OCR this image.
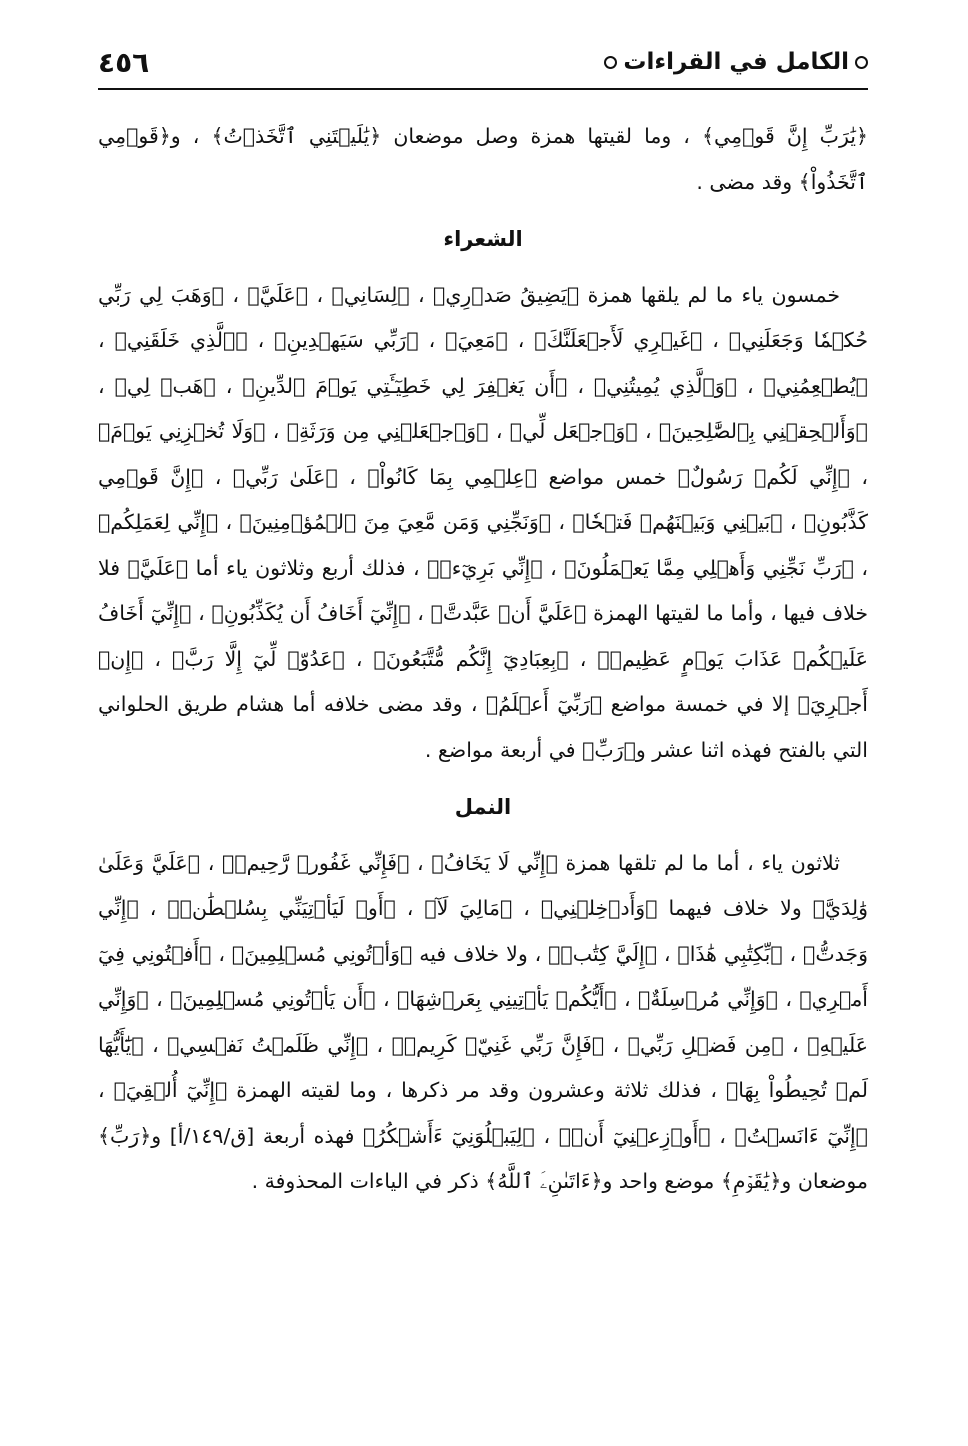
الكامل في القراءات
٤٥٦

﴿يَٰرَبِّ إِنَّ قَوۡمِي﴾ ، وما لقيتها همزة وصل موضعان ﴿يَٰلَيۡتَنِي ٱتَّخَذۡتُ﴾ ، و﴿قَوۡمِي ٱتَّخَذُواْ﴾ وقد مضى .

الشعراء

خمسون ياء ما لم يلقها همزة ﴿يَضِيقُ صَدۡرِي﴾ ، ﴿لِسَانِي﴾ ، ﴿عَلَيَّ﴾ ، ﴿وَهَبَ لِي رَبِّي حُكۡمٗا وَجَعَلَنِي﴾ ، ﴿غَيۡرِي لَأَجۡعَلَنَّكَ﴾ ، ﴿مَعِيَ﴾ ، ﴿رَبِّي سَيَهۡدِينِ﴾ ، ﴿ٱلَّذِي خَلَقَنِي﴾ ، ﴿يُطۡعِمُنِي﴾ ، ﴿وَٱلَّذِي يُمِيتُنِي﴾ ، ﴿أَن يَغۡفِرَ لِي خَطِيٓـَٔتِي يَوۡمَ ٱلدِّينِ﴾ ، ﴿هَبۡ لِي﴾ ، ﴿وَأَلۡحِقۡنِي بِٱلصَّٰلِحِينَ﴾ ، ﴿وَٱجۡعَل لِّي﴾ ، ﴿وَٱجۡعَلۡنِي مِن وَرَثَةِ﴾ ، ﴿وَلَا تُخۡزِنِي يَوۡمَ﴾ ، ﴿إِنِّي لَكُمۡ رَسُولٌ﴾ خمس مواضع ﴿عِلۡمِي بِمَا كَانُواْ﴾ ، ﴿عَلَىٰ رَبِّي﴾ ، ﴿إِنَّ قَوۡمِي كَذَّبُونِ﴾ ، ﴿بَيۡنِي وَبَيۡنَهُمۡ فَتۡحٗا﴾ ، ﴿وَنَجِّنِي وَمَن مَّعِيَ مِنَ ٱلۡمُؤۡمِنِينَ﴾ ، ﴿إِنِّي لِعَمَلِكُم﴾ ، ﴿رَبِّ نَجِّنِي وَأَهۡلِي مِمَّا يَعۡمَلُونَ﴾ ، ﴿إِنِّي بَرِيٓءٞ﴾ ، فذلك أربع وثلاثون ياء أما ﴿عَلَيَّ﴾ فلا خلاف فيها ، وأما ما لقيتها الهمزة ﴿عَلَيَّ أَنۡ عَبَّدتَّ﴾ ، ﴿إِنِّيٓ أَخَافُ أَن يُكَذِّبُونِ﴾ ، ﴿إِنِّيٓ أَخَافُ عَلَيۡكُمۡ عَذَابَ يَوۡمٍ عَظِيمٖ﴾ ، ﴿بِعِبَادِيٓ إِنَّكُم مُّتَّبَعُونَ﴾ ، ﴿عَدُوّٞ لِّيٓ إِلَّا رَبَّ﴾ ، ﴿إِنۡ أَجۡرِيَ﴾ إلا في خمسة مواضع ﴿رَبِّيٓ أَعۡلَمُ﴾ ، وقد مضى خلافه أما هشام طريق الحلواني التي بالفتح فهذه اثنا عشر و﴿رَبِّ﴾ في أربعة مواضع .

النمل

ثلاثون ياء ، أما ما لم تلقها همزة ﴿إِنِّي لَا يَخَافُ﴾ ، ﴿فَإِنِّي غَفُورٞ رَّحِيمٞ﴾ ، ﴿عَلَيَّ وَعَلَىٰ وَٰلِدَيَّ﴾ ولا خلاف فيهما ﴿وَأَدۡخِلۡنِي﴾ ، ﴿مَالِيَ لَآ﴾ ، ﴿أَوۡ لَيَأۡتِيَنِّي بِسُلۡطَٰنٖ﴾ ، ﴿إِنِّي وَجَدتُّ﴾ ، ﴿بِّكِتَٰبِي هَٰذَا﴾ ، ﴿إِلَيَّ كِتَٰبٞ﴾ ، ولا خلاف فيه ﴿وَأۡتُونِي مُسۡلِمِينَ﴾ ، ﴿أَفۡتُونِي فِيٓ أَمۡرِي﴾ ، ﴿وَإِنِّي مُرۡسِلَةٌ﴾ ، ﴿أَيُّكُمۡ يَأۡتِينِي بِعَرۡشِهَا﴾ ، ﴿أَن يَأۡتُونِي مُسۡلِمِينَ﴾ ، ﴿وَإِنِّي عَلَيۡهِ﴾ ، ﴿مِن فَضۡلِ رَبِّي﴾ ، ﴿فَإِنَّ رَبِّي غَنِيّٞ كَرِيمٞ﴾ ، ﴿إِنِّي ظَلَمۡتُ نَفۡسِي﴾ ، ﴿يَٰٓأَيُّهَا لَمۡ تُحِيطُواْ بِهَا﴾ ، فذلك ثلاثة وعشرون وقد مر ذكرها ، وما لقيته الهمزة ﴿إِنِّيٓ أُلۡقِيَ﴾ ، ﴿إِنِّيٓ ءَانَسۡتُ﴾ ، ﴿أَوۡزِعۡنِيٓ أَنۡ﴾ ، ﴿لِيَبۡلُوَنِيٓ ءَأَشۡكُرُ﴾ فهذه أربعة [ق/١٤٩/أ] و﴿رَبِّ﴾ موضعان و﴿يَٰقَوۡمِ﴾ موضع واحد و﴿ءَاتَىٰنِۦَ ٱللَّهُ﴾ ذكر في الياءات المحذوفة .
